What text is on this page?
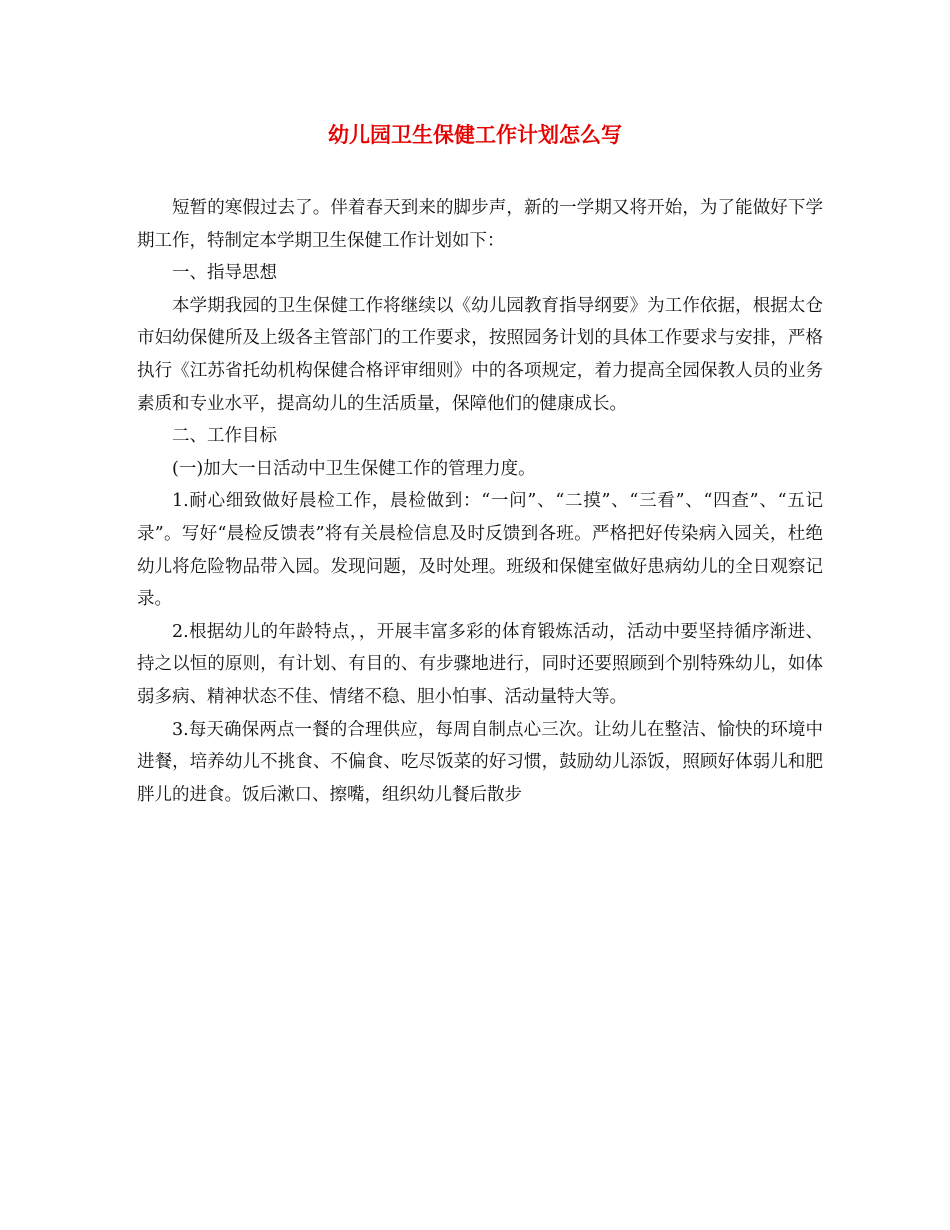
幼儿园卫生保健工作计划怎么写

短暂的寒假过去了。伴着春天到来的脚步声，新的一学期又将开始，为了能做好下学期工作，特制定本学期卫生保健工作计划如下：

一、指导思想

本学期我园的卫生保健工作将继续以《幼儿园教育指导纲要》为工作依据，根据太仓市妇幼保健所及上级各主管部门的工作要求，按照园务计划的具体工作要求与安排，严格执行《江苏省托幼机构保健合格评审细则》中的各项规定，着力提高全园保教人员的业务素质和专业水平，提高幼儿的生活质量，保障他们的健康成长。

二、工作目标

(一)加大一日活动中卫生保健工作的管理力度。

1.耐心细致做好晨检工作，晨检做到：“一问”、“二摸”、“三看”、“四查”、“五记录”。写好“晨检反馈表”将有关晨检信息及时反馈到各班。严格把好传染病入园关，杜绝幼儿将危险物品带入园。发现问题，及时处理。班级和保健室做好患病幼儿的全日观察记录。

2.根据幼儿的年龄特点，，开展丰富多彩的体育锻炼活动，活动中要坚持循序渐进、持之以恒的原则，有计划、有目的、有步骤地进行，同时还要照顾到个别特殊幼儿，如体弱多病、精神状态不佳、情绪不稳、胆小怕事、活动量特大等。

3.每天确保两点一餐的合理供应，每周自制点心三次。让幼儿在整洁、愉快的环境中进餐，培养幼儿不挑食、不偏食、吃尽饭菜的好习惯，鼓励幼儿添饭，照顾好体弱儿和肥胖儿的进食。饭后漱口、擦嘴，组织幼儿餐后散步
